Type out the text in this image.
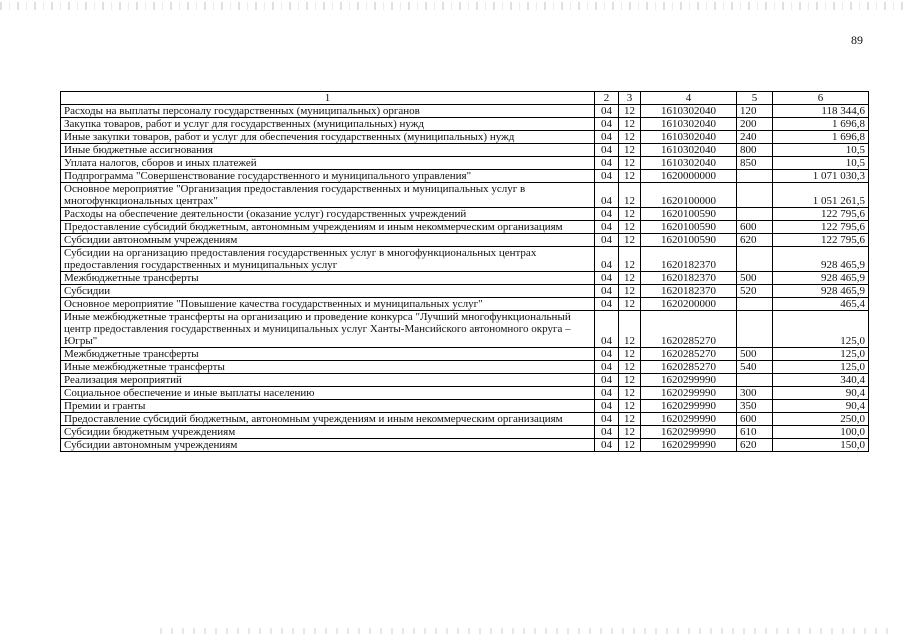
89
1	2	3	4	5	6
Расходы на выплаты персоналу государственных (муниципальных) органов	04	12	1610302040	120	118 344,6
Закупка товаров, работ и услуг для государственных (муниципальных) нужд	04	12	1610302040	200	1 696,8
Иные закупки товаров, работ и услуг для обеспечения государственных (муниципальных) нужд	04	12	1610302040	240	1 696,8
Иные бюджетные ассигнования	04	12	1610302040	800	10,5
Уплата налогов, сборов и иных платежей	04	12	1610302040	850	10,5
Подпрограмма "Совершенствование государственного и муниципального управления"	04	12	1620000000		1 071 030,3
Основное мероприятие "Организация предоставления государственных и муниципальных услуг в многофункциональных центрах"	04	12	1620100000		1 051 261,5
Расходы на обеспечение деятельности (оказание услуг) государственных учреждений	04	12	1620100590		122 795,6
Предоставление субсидий бюджетным, автономным учреждениям и иным некоммерческим организациям	04	12	1620100590	600	122 795,6
Субсидии автономным учреждениям	04	12	1620100590	620	122 795,6
Субсидии на организацию предоставления государственных услуг в многофункциональных центрах предоставления государственных и муниципальных услуг	04	12	1620182370		928 465,9
Межбюджетные трансферты	04	12	1620182370	500	928 465,9
Субсидии	04	12	1620182370	520	928 465,9
Основное мероприятие "Повышение качества государственных и муниципальных услуг"	04	12	1620200000		465,4
Иные межбюджетные трансферты на организацию и проведение конкурса "Лучший многофункциональный центр предоставления государственных и муниципальных услуг Ханты-Мансийского автономного округа – Югры"	04	12	1620285270		125,0
Межбюджетные трансферты	04	12	1620285270	500	125,0
Иные межбюджетные трансферты	04	12	1620285270	540	125,0
Реализация мероприятий	04	12	1620299990		340,4
Социальное обеспечение и иные выплаты населению	04	12	1620299990	300	90,4
Премии и гранты	04	12	1620299990	350	90,4
Предоставление субсидий бюджетным, автономным учреждениям и иным некоммерческим организациям	04	12	1620299990	600	250,0
Субсидии бюджетным учреждениям	04	12	1620299990	610	100,0
Субсидии автономным учреждениям	04	12	1620299990	620	150,0
